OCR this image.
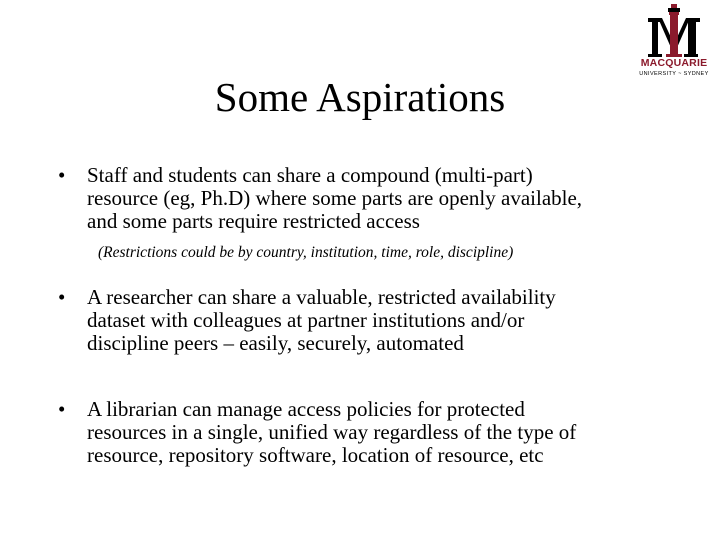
MACQUARIE
UNIVERSITY ~ SYDNEY
Some Aspirations
• Staff and students can share a compound (multi-part)
resource (eg, Ph.D) where some parts are openly available,
and some parts require restricted access
(Restrictions could be by country, institution, time, role, discipline)
• A researcher can share a valuable, restricted availability
dataset with colleagues at partner institutions and/or
discipline peers – easily, securely, automated
• A librarian can manage access policies for protected
resources in a single, unified way regardless of the type of
resource, repository software, location of resource, etc
